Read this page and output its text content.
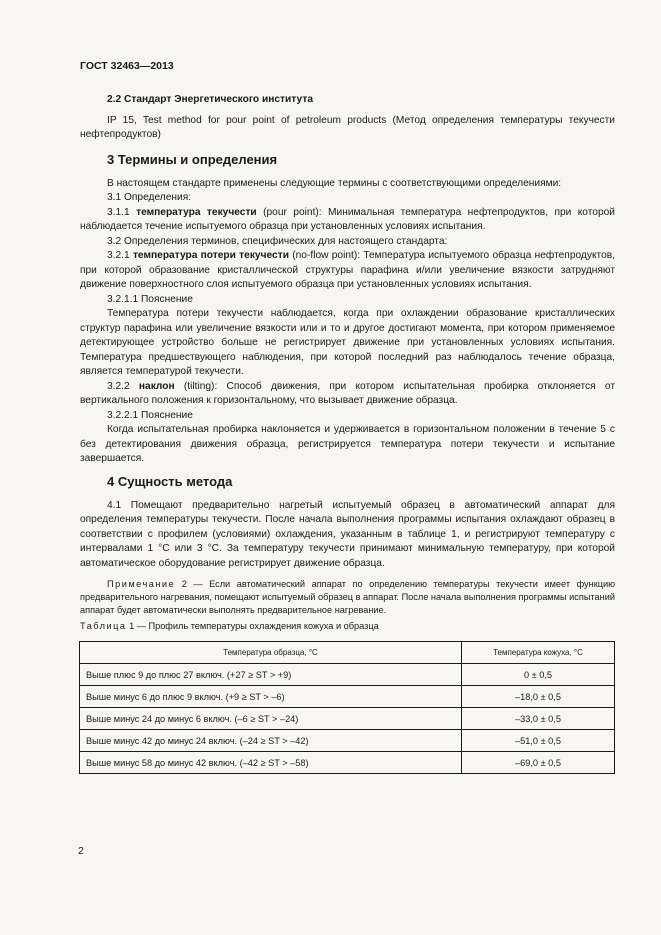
ГОСТ 32463—2013

2.2 Стандарт Энергетического института

IP 15, Test method for pour point of petroleum products (Метод определения температуры текучести нефтепродуктов)

3 Термины и определения

В настоящем стандарте применены следующие термины с соответствующими определениями:

3.1 Определения:

3.1.1 температура текучести (pour point): Минимальная температура нефтепродуктов, при которой наблюдается течение испытуемого образца при установленных условиях испытания.

3.2 Определения терминов, специфических для настоящего стандарта:

3.2.1 температура потери текучести (no-flow point): Температура испытуемого образца нефтепродуктов, при которой образование кристаллической структуры парафина и/или увеличение вязкости затрудняют движение поверхностного слоя испытуемого образца при установленных условиях испытания.

3.2.1.1 Пояснение

Температура потери текучести наблюдается, когда при охлаждении образование кристаллических структур парафина или увеличение вязкости или и то и другое достигают момента, при котором применяемое детектирующее устройство больше не регистрирует движение при установленных условиях испытания. Температура предшествующего наблюдения, при которой последний раз наблюдалось течение образца, является температурой текучести.

3.2.2 наклон (tilting): Способ движения, при котором испытательная пробирка отклоняется от вертикального положения к горизонтальному, что вызывает движение образца.

3.2.2.1 Пояснение

Когда испытательная пробирка наклоняется и удерживается в горизонтальном положении в течение 5 с без детектирования движения образца, регистрируется температура потери текучести и испытание завершается.

4 Сущность метода

4.1 Помещают предварительно нагретый испытуемый образец в автоматический аппарат для определения температуры текучести. После начала выполнения программы испытания охлаждают образец в соответствии с профилем (условиями) охлаждения, указанным в таблице 1, и регистрируют температуру с интервалами 1 °С или 3 °С. За температуру текучести принимают минимальную температуру, при которой автоматическое оборудование регистрирует движение образца.

Примечание 2 — Если автоматический аппарат по определению температуры текучести имеет функцию предварительного нагревания, помещают испытуемый образец в аппарат. После начала выполнения программы испытаний аппарат будет автоматически выполнять предварительное нагревание.

Таблица 1 — Профиль температуры охлаждения кожуха и образца
Температура образца, °С	Температура кожуха, °С
Выше плюс 9 до плюс 27 включ. (+27 ≥ ST > +9)	0 ± 0,5
Выше минус 6 до плюс 9 включ. (+9 ≥ ST > –6)	–18,0 ± 0,5
Выше минус 24 до минус 6 включ. (–6 ≥ ST > –24)	–33,0 ± 0,5
Выше минус 42 до минус 24 включ. (–24 ≥ ST > –42)	–51,0 ± 0,5
Выше минус 58 до минус 42 включ. (–42 ≥ ST > –58)	–69,0 ± 0,5
2
